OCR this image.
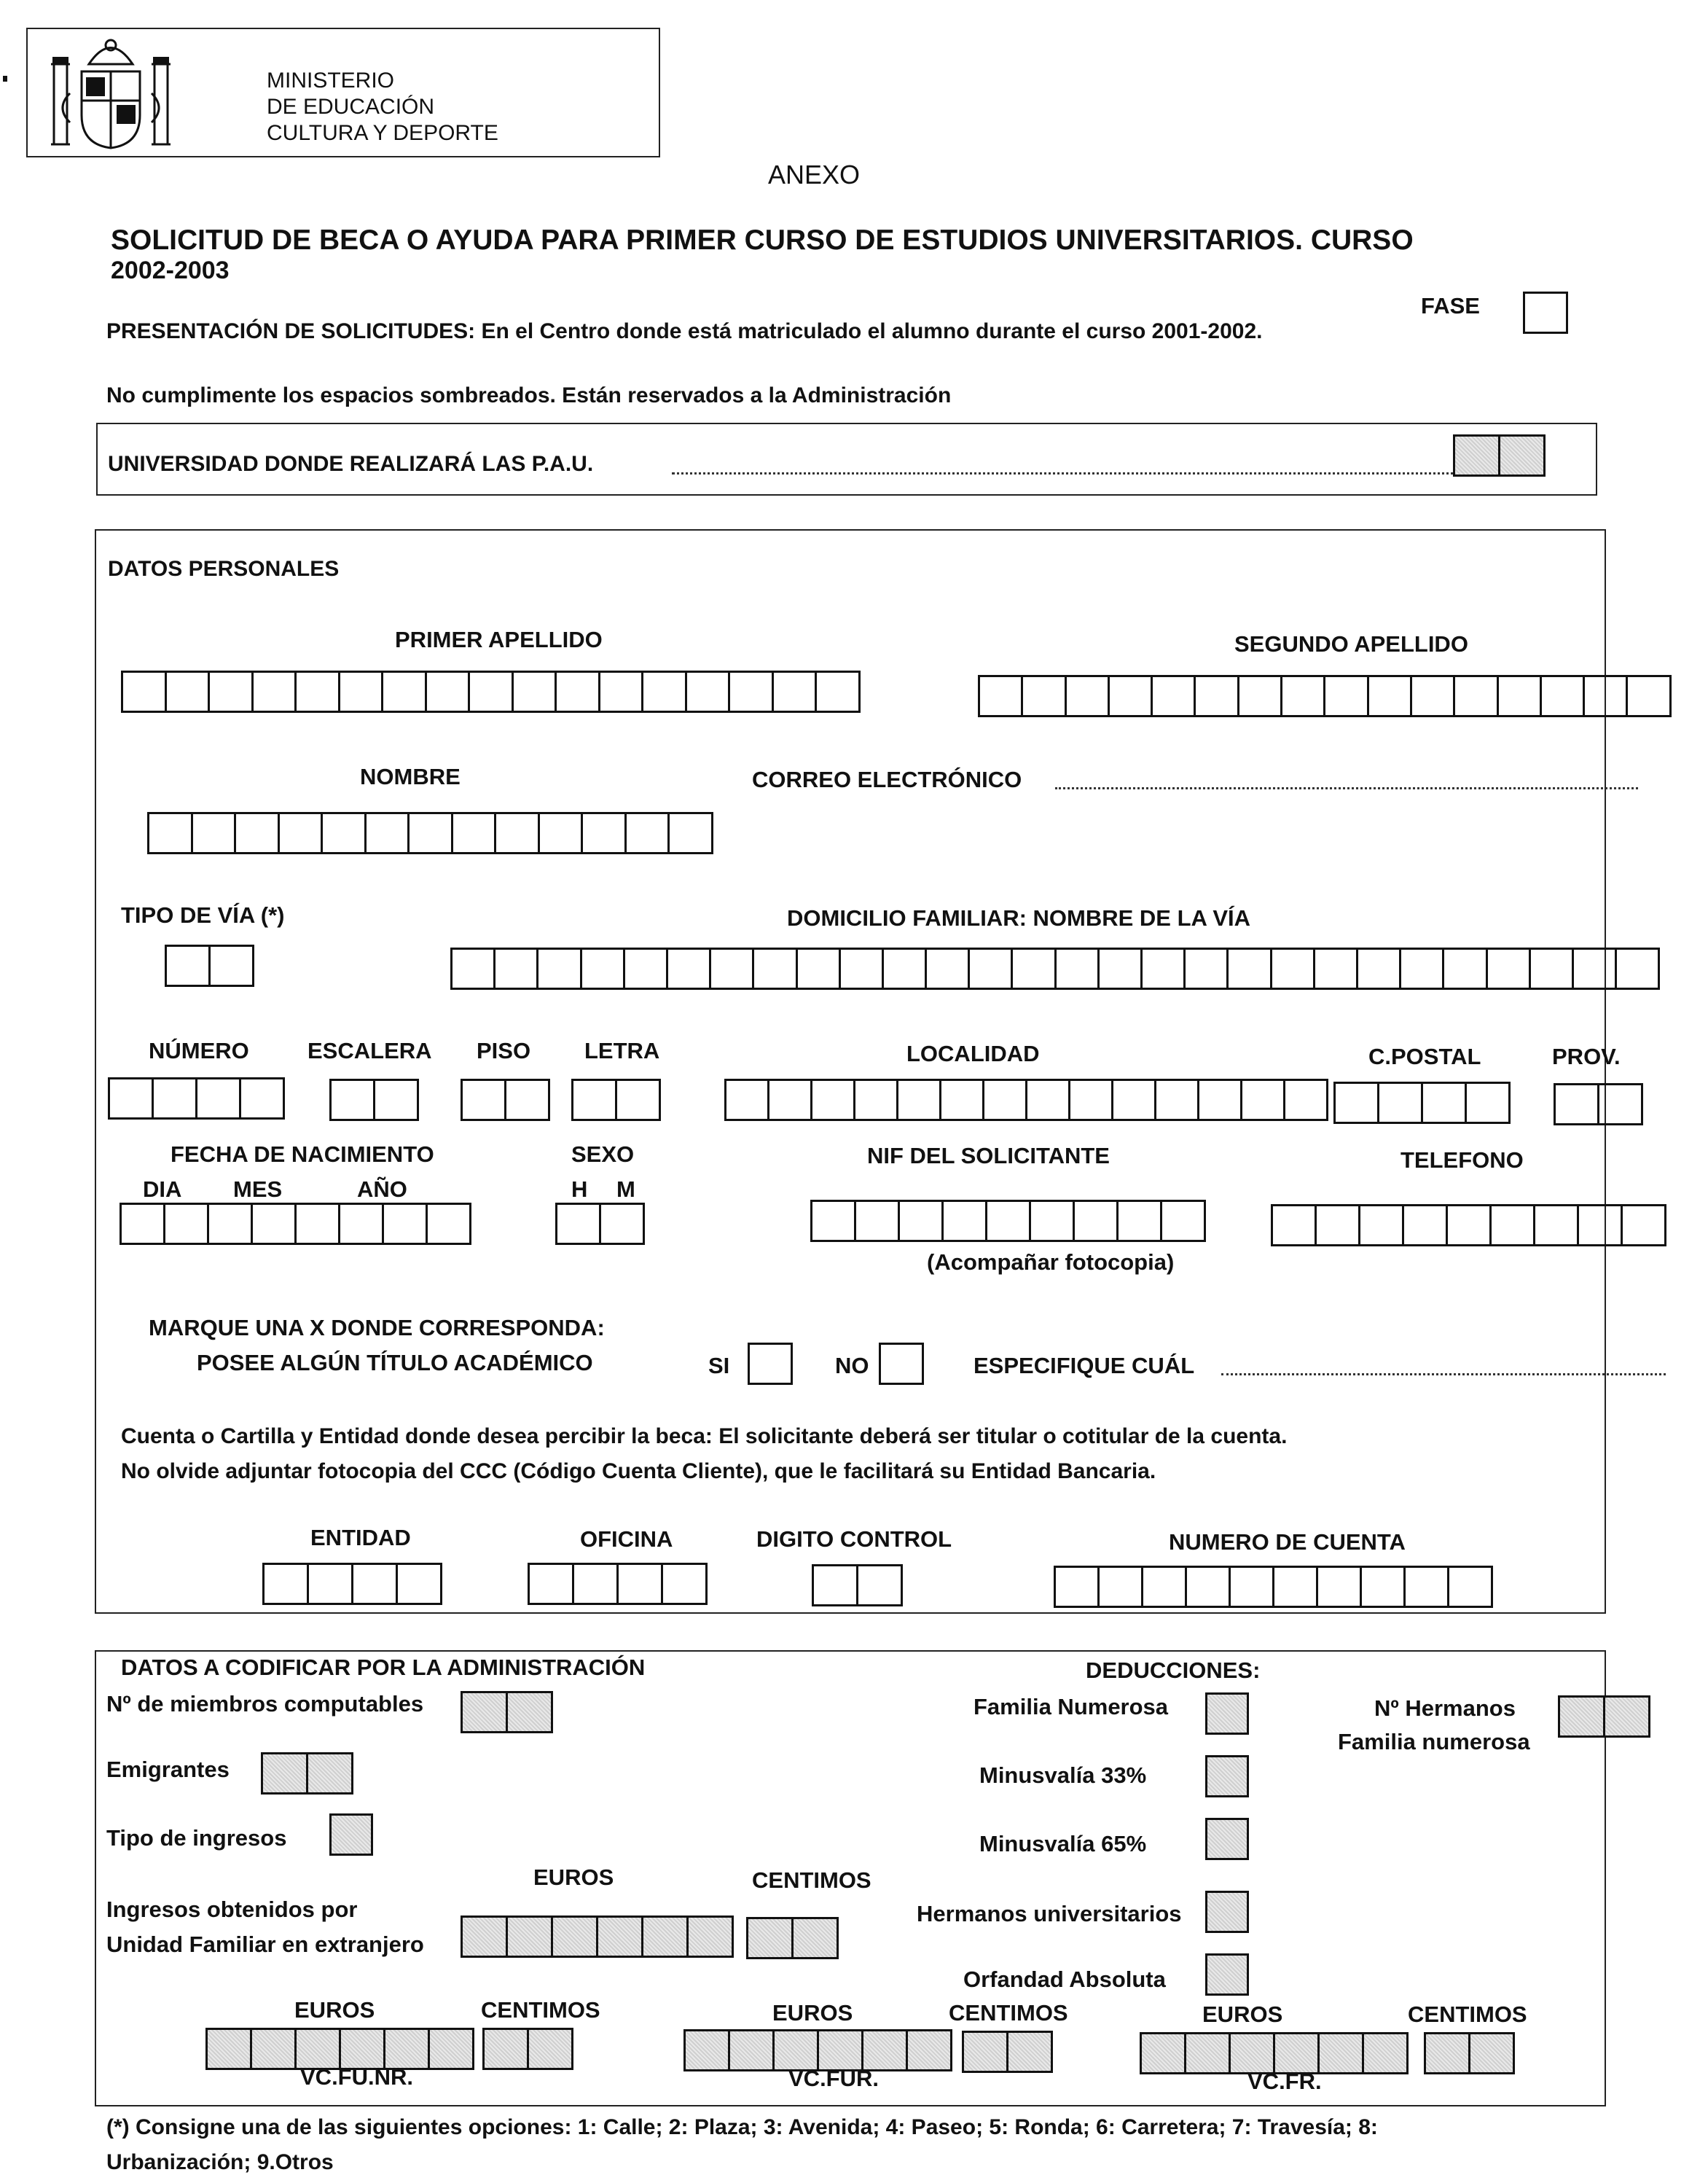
MINISTERIO
DE EDUCACIÓN
CULTURA Y DEPORTE
ANEXO
SOLICITUD DE BECA O AYUDA PARA PRIMER CURSO DE ESTUDIOS UNIVERSITARIOS. CURSO
2002-2003
FASE
PRESENTACIÓN DE SOLICITUDES: En el Centro donde está matriculado el alumno durante el curso 2001-2002.
No cumplimente los espacios sombreados. Están reservados a la Administración
UNIVERSIDAD DONDE REALIZARÁ LAS P.A.U.
DATOS PERSONALES
PRIMER APELLIDO	SEGUNDO APELLIDO
NOMBRE	CORREO ELECTRÓNICO
TIPO DE VÍA (*)	DOMICILIO FAMILIAR: NOMBRE DE LA VÍA
NÚMERO	ESCALERA PISO LETRA	LOCALIDAD	C.POSTAL	PROV.
FECHA DE NACIMIENTO	SEXO	NIF DEL SOLICITANTE	TELEFONO
DIA MES	AÑO	H M
(Acompañar fotocopia)
MARQUE UNA X DONDE CORRESPONDA:
POSEE ALGÚN TÍTULO ACADÉMICO	SI	NO	ESPECIFIQUE CUÁL
Cuenta o Cartilla y Entidad donde desea percibir la beca: El solicitante deberá ser titular o cotitular de la cuenta.
No olvide adjuntar fotocopia del CCC (Código Cuenta Cliente), que le facilitará su Entidad Bancaria.
ENTIDAD	OFICINA	DIGITO CONTROL	NUMERO DE CUENTA
DATOS A CODIFICAR POR LA ADMINISTRACIÓN	DEDUCCIONES:
Nº de miembros computables	Familia Numerosa	Nº Hermanos
Familia numerosa
Emigrantes	Minusvalía 33%
Tipo de ingresos	Minusvalía 65%
EUROS	CENTIMOS
Ingresos obtenidos por
Unidad Familiar en extranjero
Hermanos universitarios
Orfandad Absoluta
EUROS	CENTIMOS	EUROS	CENTIMOS	EUROS	CENTIMOS
VC.FU.NR.	VC.FUR.	VC.FR.
(*) Consigne una de las siguientes opciones: 1: Calle; 2: Plaza; 3: Avenida; 4: Paseo; 5: Ronda; 6: Carretera; 7: Travesía; 8:
Urbanización; 9.Otros
